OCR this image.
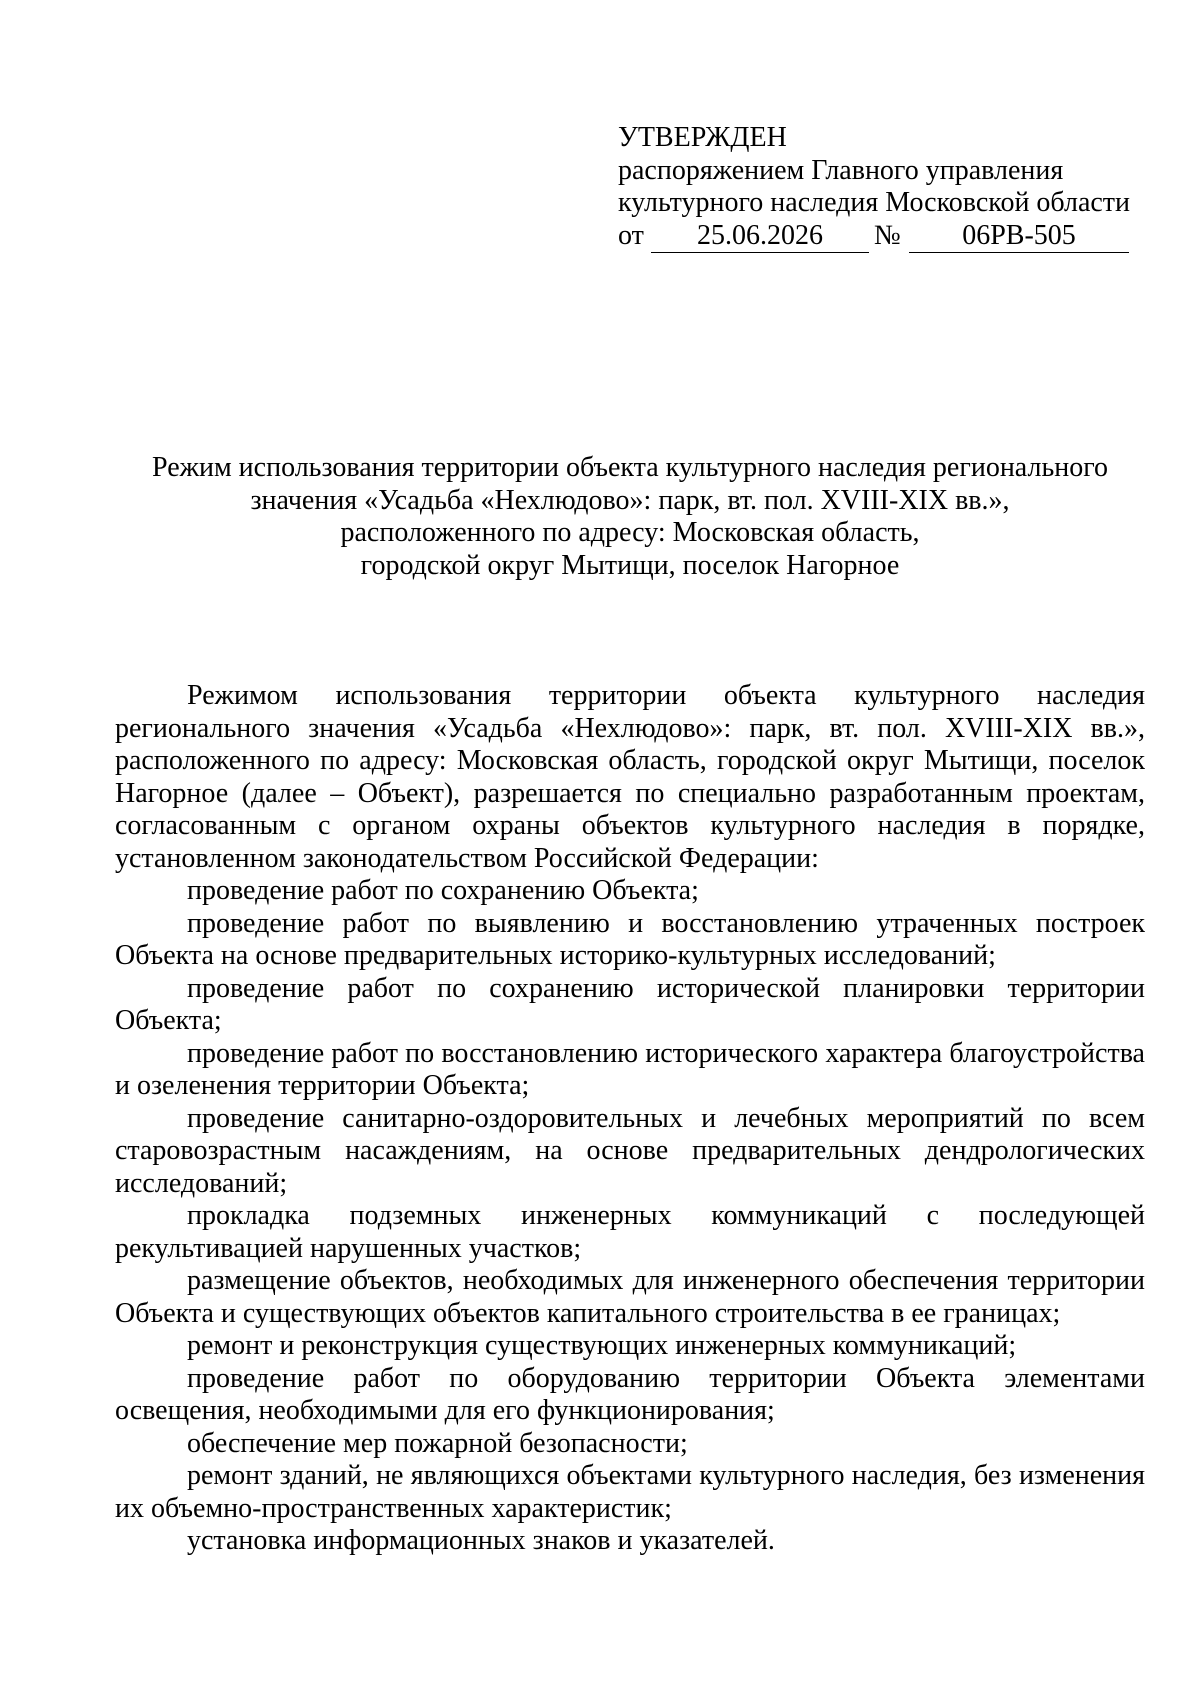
УТВЕРЖДЕН
распоряжением Главного управления
культурного наследия Московской области
от	25.06.2026	№	06РВ-505
Режим использования территории объекта культурного наследия регионального
значения «Усадьба «Нехлюдово»: парк, вт. пол. XVIII-XIX вв.»,
расположенного по адресу: Московская область,
городской округ Мытищи, поселок Нагорное

Режимом использования территории объекта культурного наследия регионального значения «Усадьба «Нехлюдово»: парк, вт. пол. XVIII-XIX вв.», расположенного по адресу: Московская область, городской округ Мытищи, поселок Нагорное (далее – Объект), разрешается по специально разработанным проектам, согласованным с органом охраны объектов культурного наследия в порядке, установленном законодательством Российской Федерации:

проведение работ по сохранению Объекта;

проведение работ по выявлению и восстановлению утраченных построек Объекта на основе предварительных историко-культурных исследований;

проведение работ по сохранению исторической планировки территории Объекта;

проведение работ по восстановлению исторического характера благоустройства и озеленения территории Объекта;

проведение санитарно-оздоровительных и лечебных мероприятий по всем старовозрастным насаждениям, на основе предварительных дендрологических исследований;

прокладка подземных инженерных коммуникаций с последующей рекультивацией нарушенных участков;

размещение объектов, необходимых для инженерного обеспечения территории Объекта и существующих объектов капитального строительства в ее границах;

ремонт и реконструкция существующих инженерных коммуникаций;

проведение работ по оборудованию территории Объекта элементами освещения, необходимыми для его функционирования;

обеспечение мер пожарной безопасности;

ремонт зданий, не являющихся объектами культурного наследия, без изменения их объемно-пространственных характеристик;

установка информационных знаков и указателей.
